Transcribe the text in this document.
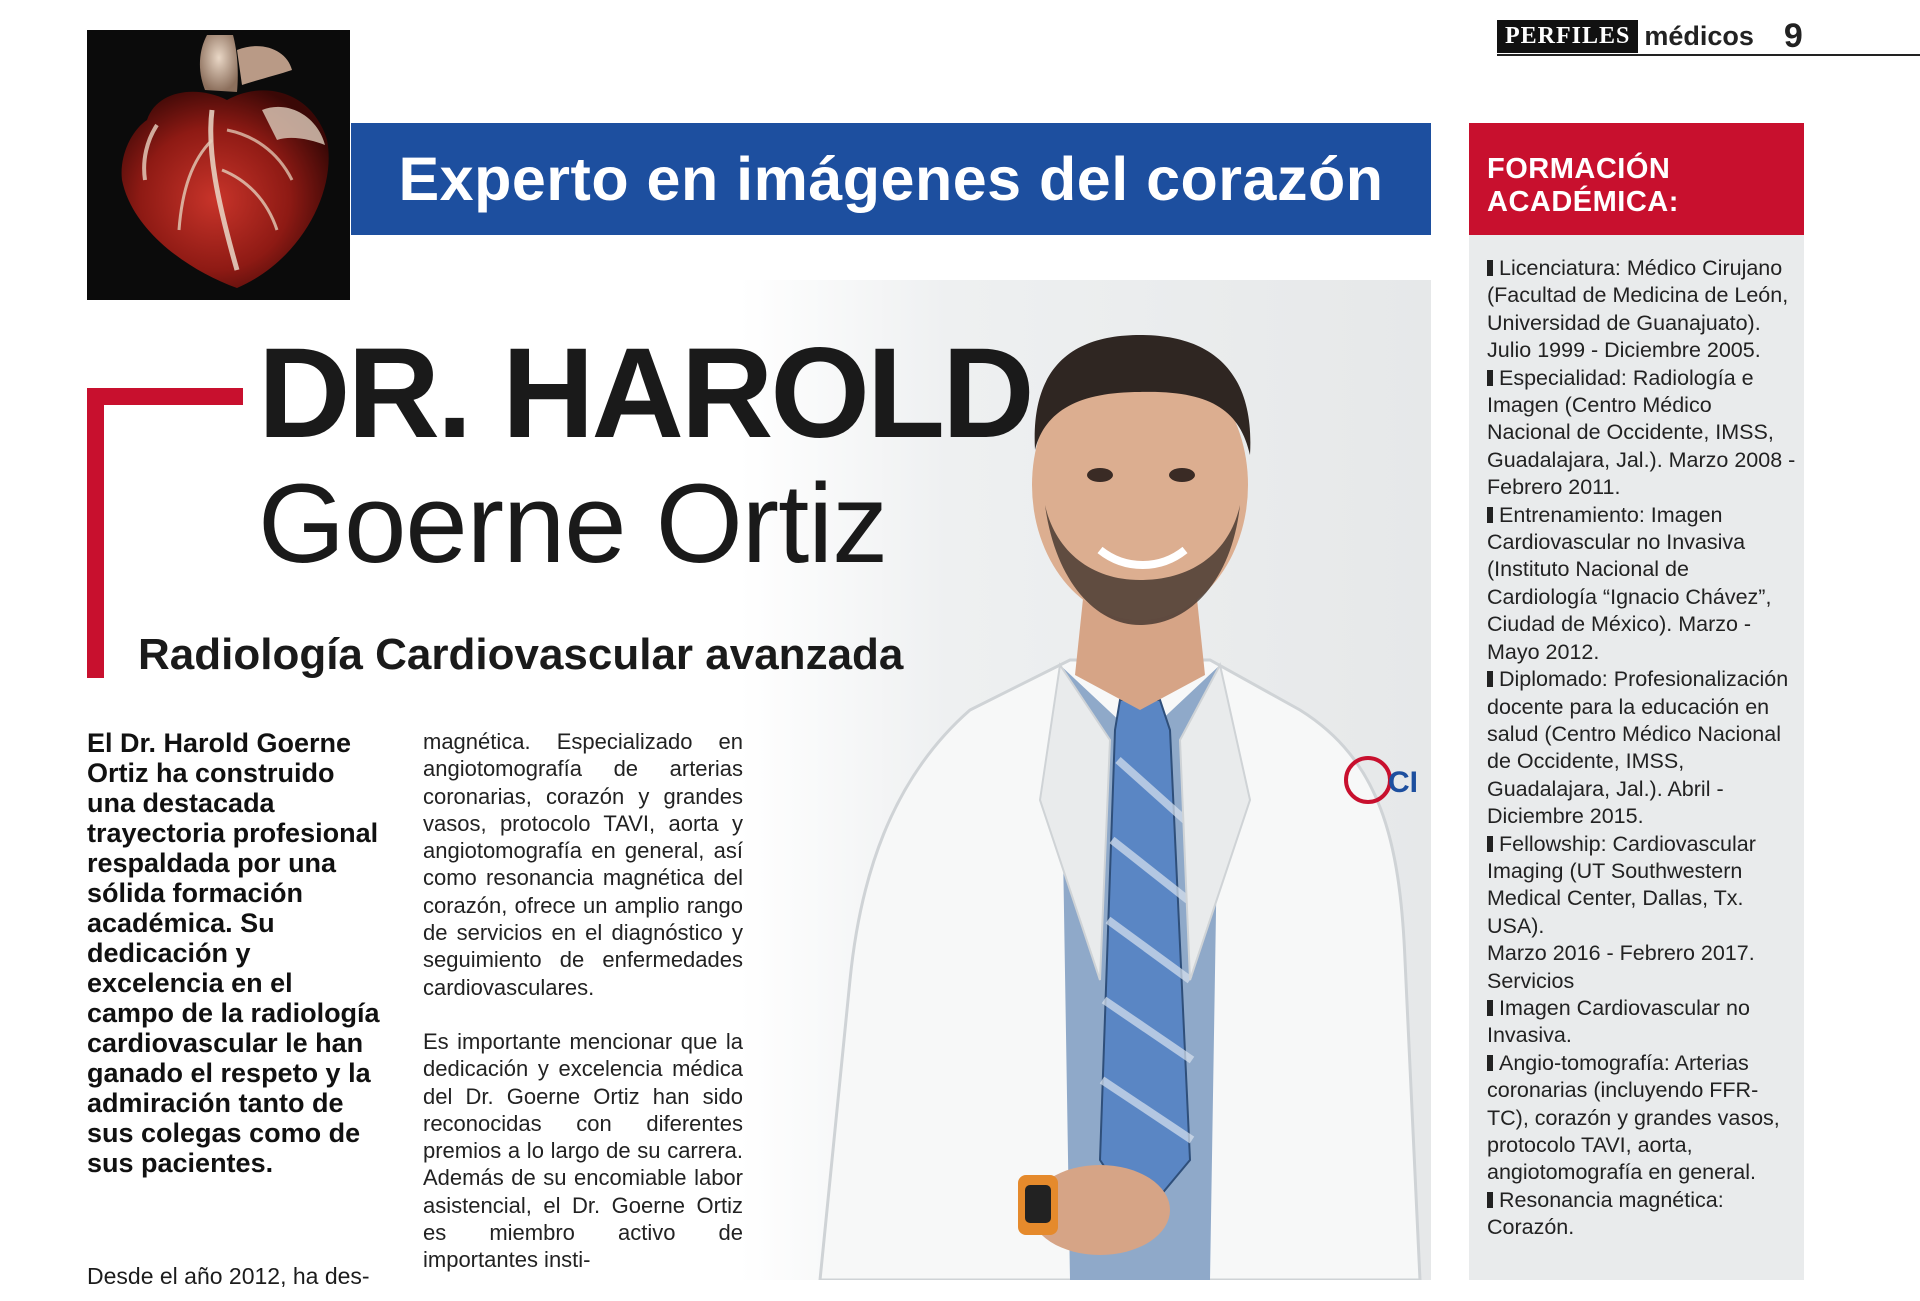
PERFILES médicos 9
Experto en imágenes del corazón
CI
DR. HAROLD
Goerne Ortiz
Radiología Cardiovascular avanzada

El Dr. Harold Goerne Ortiz ha construido una destacada trayectoria profesional respaldada por una sólida formación académica. Su dedicación y excelencia en el campo de la radiología cardiovascular le han ganado el respeto y la admiración tanto de sus colegas como de sus pacientes.

Desde el año 2012, ha des-

magnética. Especializado en angiotomografía de arterias coronarias, corazón y grandes vasos, protocolo TAVI, aorta y angiotomografía en general, así como resonancia magnética del corazón, ofrece un amplio rango de servicios en el diagnóstico y seguimiento de enfermedades cardiovasculares.

Es importante mencionar que la dedicación y excelencia médica del Dr. Goerne Ortiz han sido reconocidas con diferentes premios a lo largo de su carrera. Además de su encomiable labor asistencial, el Dr. Goerne Ortiz es miembro activo de importantes insti-

FORMACIÓN
ACADÉMICA:
Licenciatura: Médico Cirujano (Facultad de Medicina de León, Universidad de Guanajuato). Julio 1999 - Diciembre 2005.
Especialidad: Radiología e Imagen (Centro Médico Nacional de Occidente, IMSS, Guadalajara, Jal.). Marzo 2008 - Febrero 2011.
Entrenamiento: Imagen Cardiovascular no Invasiva (Instituto Nacional de Cardiología “Ignacio Chávez”, Ciudad de México). Marzo - Mayo 2012.
Diplomado: Profesionalización docente para la educación en salud (Centro Médico Nacional de Occidente, IMSS, Guadalajara, Jal.). Abril - Diciembre 2015.
Fellowship: Cardiovascular Imaging (UT Southwestern Medical Center, Dallas, Tx. USA).
Marzo 2016 - Febrero 2017.
Servicios
Imagen Cardiovascular no Invasiva.
Angio-tomografía: Arterias coronarias (incluyendo FFR-TC), corazón y grandes vasos, protocolo TAVI, aorta, angiotomografía en general.
Resonancia magnética: Corazón.
